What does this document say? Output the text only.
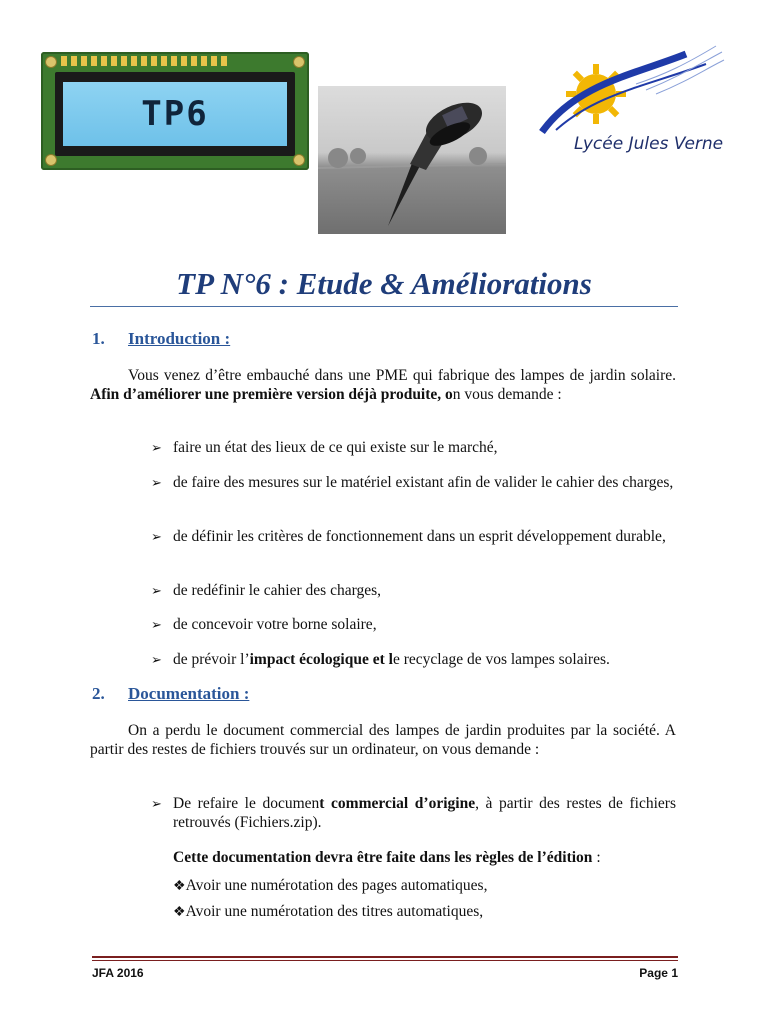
TP6
Lycée Jules Verne
TP N°6 : Etude & Améliorations
1. Introduction :
Vous venez d’être embauché dans une PME qui fabrique des lampes de jardin solaire. Afin d’améliorer une première version déjà produite, on vous demande :
➢ faire un état des lieux de ce qui existe sur le marché,
➢ de faire des mesures sur le matériel existant afin de valider le cahier des charges,
➢ de définir les critères de fonctionnement dans un esprit développement durable,
➢ de redéfinir le cahier des charges,
➢ de concevoir votre borne solaire,
➢ de prévoir l’impact écologique et le recyclage de vos lampes solaires.
2. Documentation :
On a perdu le document commercial des lampes de jardin produites par la société. A partir des restes de fichiers trouvés sur un ordinateur, on vous demande :
➢ De refaire le document commercial d’origine, à partir des restes de fichiers retrouvés (Fichiers.zip).
Cette documentation devra être faite dans les règles de l’édition :
❖Avoir une numérotation des pages automatiques,
❖Avoir une numérotation des titres automatiques,
JFA 2016	Page 1
